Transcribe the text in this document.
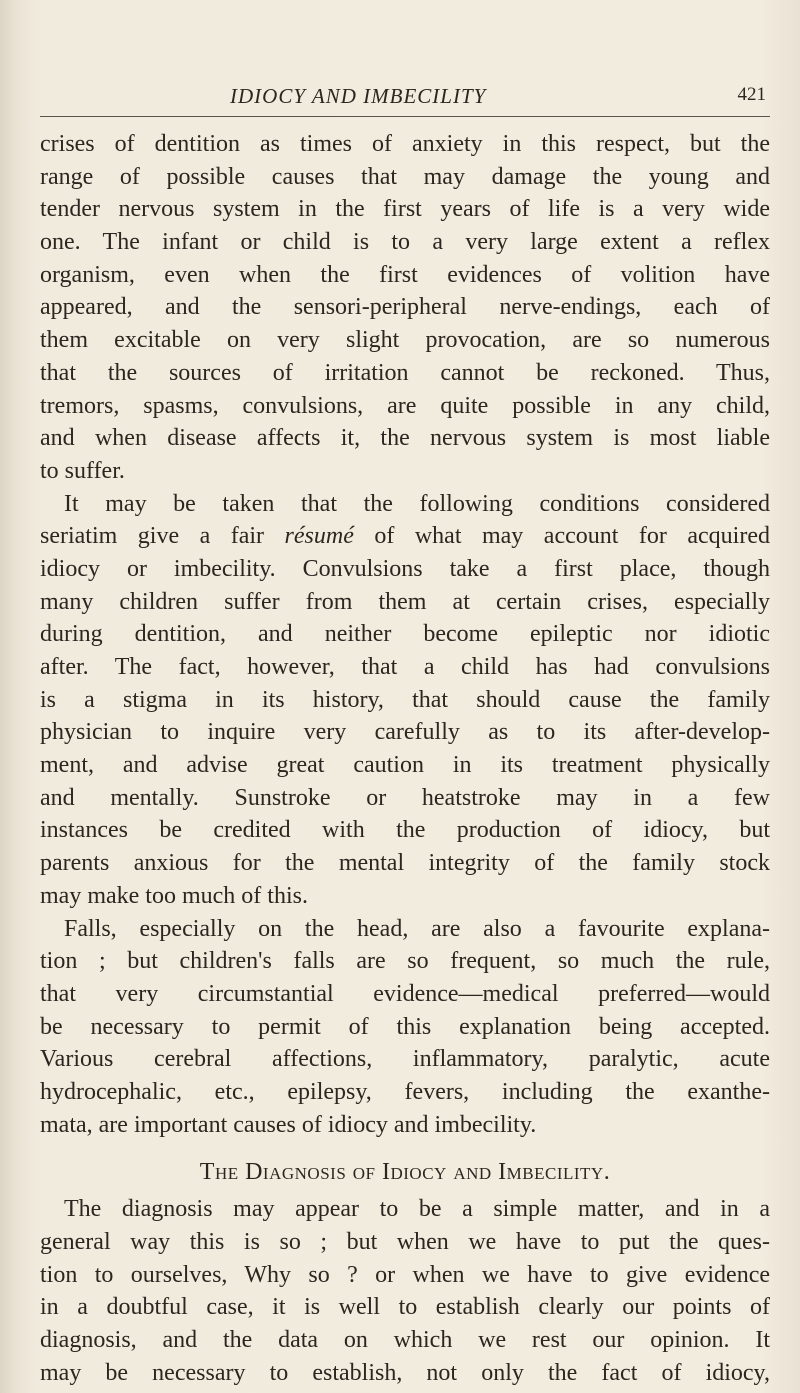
IDIOCY AND IMBECILITY	421
crises of dentition as times of anxiety in this respect, but the
range of possible causes that may damage the young and
tender nervous system in the first years of life is a very wide
one. The infant or child is to a very large extent a reflex
organism, even when the first evidences of volition have
appeared, and the sensori-peripheral nerve-endings, each of
them excitable on very slight provocation, are so numerous
that the sources of irritation cannot be reckoned. Thus,
tremors, spasms, convulsions, are quite possible in any child,
and when disease affects it, the nervous system is most liable
to suffer.
It may be taken that the following conditions considered
seriatim give a fair résumé of what may account for acquired
idiocy or imbecility. Convulsions take a first place, though
many children suffer from them at certain crises, especially
during dentition, and neither become epileptic nor idiotic
after. The fact, however, that a child has had convulsions
is a stigma in its history, that should cause the family
physician to inquire very carefully as to its after-develop-
ment, and advise great caution in its treatment physically
and mentally. Sunstroke or heatstroke may in a few
instances be credited with the production of idiocy, but
parents anxious for the mental integrity of the family stock
may make too much of this.
Falls, especially on the head, are also a favourite explana-
tion ; but children's falls are so frequent, so much the rule,
that very circumstantial evidence—medical preferred—would
be necessary to permit of this explanation being accepted.
Various cerebral affections, inflammatory, paralytic, acute
hydrocephalic, etc., epilepsy, fevers, including the exanthe-
mata, are important causes of idiocy and imbecility.
The Diagnosis of Idiocy and Imbecility.
The diagnosis may appear to be a simple matter, and in a
general way this is so ; but when we have to put the ques-
tion to ourselves, Why so ? or when we have to give evidence
in a doubtful case, it is well to establish clearly our points of
diagnosis, and the data on which we rest our opinion. It
may be necessary to establish, not only the fact of idiocy,
